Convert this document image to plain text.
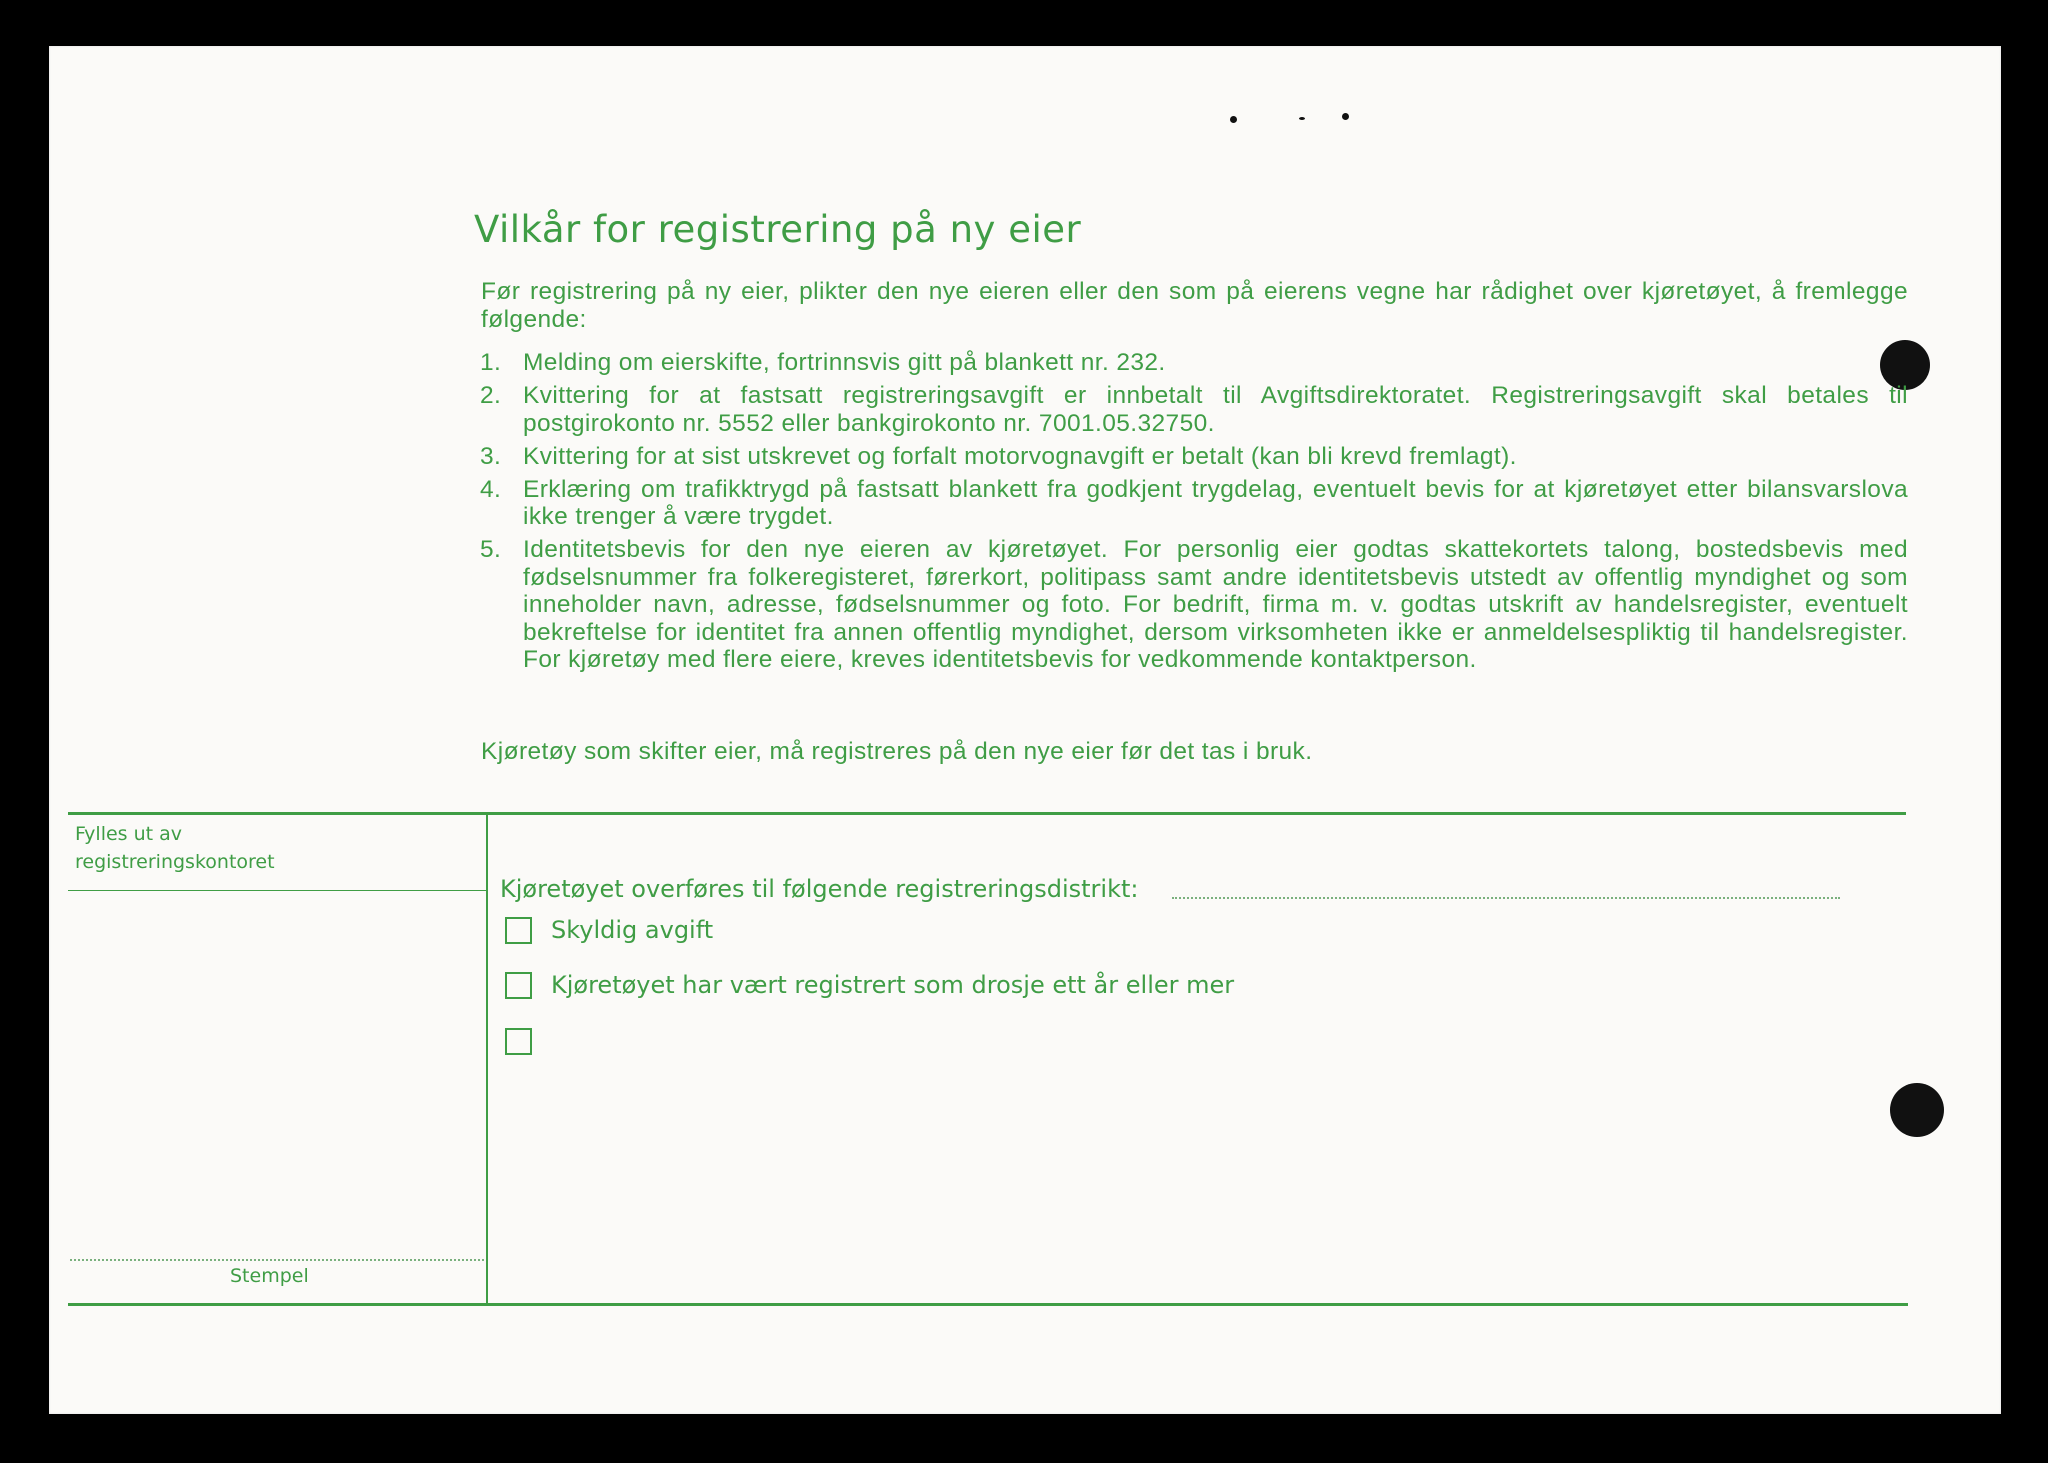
Vilkår for registrering på ny eier
Før registrering på ny eier, plikter den nye eieren eller den som på eierens vegne har rådighet over kjøretøyet, å fremlegge følgende:
1. Melding om eierskifte, fortrinnsvis gitt på blankett nr. 232.
2. Kvittering for at fastsatt registreringsavgift er innbetalt til Avgiftsdirektoratet. Registreringsavgift skal betales til postgirokonto nr. 5552 eller bankgirokonto nr. 7001.05.32750.
3. Kvittering for at sist utskrevet og forfalt motorvognavgift er betalt (kan bli krevd fremlagt).
4. Erklæring om trafikktrygd på fastsatt blankett fra godkjent trygdelag, eventuelt bevis for at kjøretøyet etter bilansvarslova ikke trenger å være trygdet.
5. Identitetsbevis for den nye eieren av kjøretøyet. For personlig eier godtas skattekortets talong, bostedsbevis med fødselsnummer fra folkeregisteret, førerkort, politipass samt andre identitetsbevis utstedt av offentlig myndighet og som inneholder navn, adresse, fødselsnummer og foto. For bedrift, firma m. v. godtas utskrift av handelsregister, eventuelt bekreftelse for identitet fra annen offentlig myndighet, dersom virksomheten ikke er anmeldelsespliktig til handelsregister. For kjøretøy med flere eiere, kreves identitetsbevis for vedkommende kontaktperson.
Kjøretøy som skifter eier, må registreres på den nye eier før det tas i bruk.
Fylles ut av
registreringskontoret
Stempel
Kjøretøyet overføres til følgende registreringsdistrikt:
Skyldig avgift
Kjøretøyet har vært registrert som drosje ett år eller mer
